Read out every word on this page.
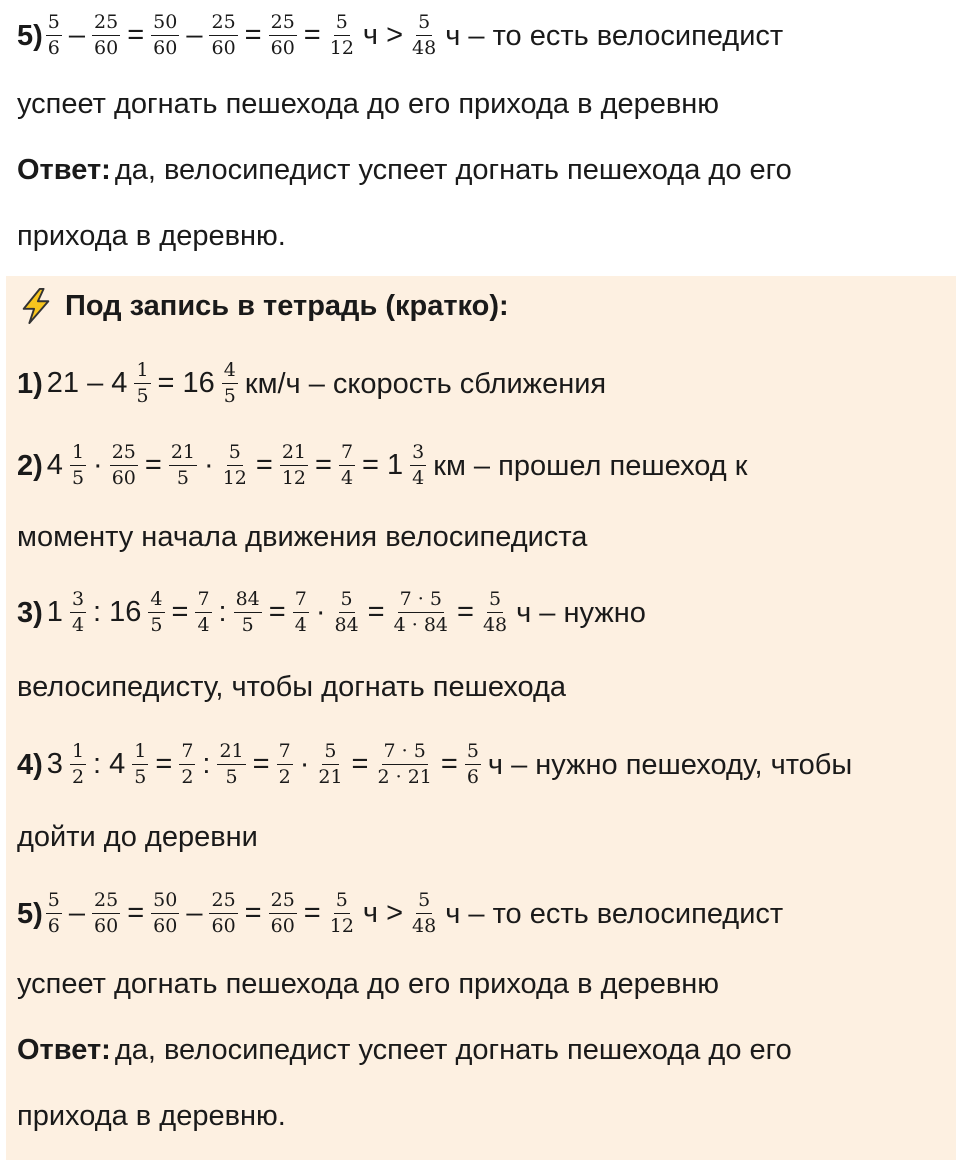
$5) \frac{5}{6} - \frac{25}{60} = \frac{50}{60} - \frac{25}{60} = \frac{25}{60} = \frac{5}{12}$ $ч > \frac{5}{48}$ ч – то есть велосипедист
успеет догнать пешехода до его прихода в деревню
Ответ: да, велосипедист успеет догнать пешехода до его
прихода в деревню.
Под запись в тетрадь (кратко):
1) $21 - 4 \frac{1}{5} = 16 \frac{4}{5} км/ч$ – скорость сближения
2) $4 \frac{1}{5} \cdot \frac{25}{60} = \frac{21}{5} \cdot \frac{5}{12} = \frac{21}{12} = \frac{7}{4} = 1 \frac{3}{4}$ км – прошел пешеход к
моменту начала движения велосипедиста
3) $1 \frac{3}{4}$ : $16 \frac{4}{5} = \frac{7}{4}$ : $\frac{84}{5} = \frac{7}{4} \cdot \frac{5}{84} = \frac{7 \cdot 5}{4 \cdot 84} = \frac{5}{48}$ ч – нужно
велосипедисту, чтобы догнать пешехода
4) $3 \frac{1}{2}$ : $4 \frac{1}{5} = \frac{7}{2}$ : $\frac{21}{5} = \frac{7}{2} \cdot \frac{5}{21} = \frac{7 \cdot 5}{2 \cdot 21} = \frac{5}{6}$ ч – нужно пешеходу, чтобы
дойти до деревни
$5) \frac{5}{6} - \frac{25}{60} = \frac{50}{60} - \frac{25}{60} = \frac{25}{60} = \frac{5}{12}$ $ч > \frac{5}{48}$ ч – то есть велосипедист
успеет догнать пешехода до его прихода в деревню
Ответ: да, велосипедист успеет догнать пешехода до его
прихода в деревню.
